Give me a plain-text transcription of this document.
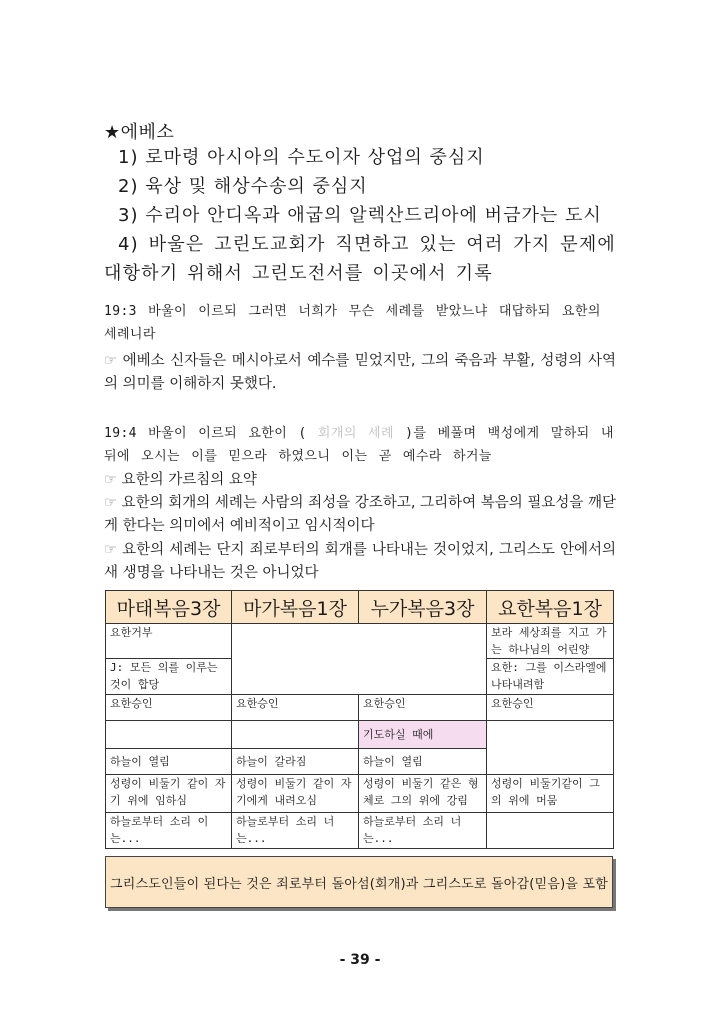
★에베소
1) 로마령 아시아의 수도이자 상업의 중심지
2) 육상 및 해상수송의 중심지
3) 수리아 안디옥과 애굽의 알렉산드리아에 버금가는 도시
4) 바울은 고린도교회가 직면하고 있는 여러 가지 문제에 대항하기 위해서 고린도전서를 이곳에서 기록
19:3 바울이 이르되 그러면 너희가 무슨 세례를 받았느냐 대답하되 요한의 세례니라
☞ 에베소 신자들은 메시아로서 예수를 믿었지만, 그의 죽음과 부활, 성령의 사역의 의미를 이해하지 못했다.
19:4 바울이 이르되 요한이 ( 회개의 세례 )를 베풀며 백성에게 말하되 내 뒤에 오시는 이를 믿으라 하였으니 이는 곧 예수라 하거늘
☞ 요한의 가르침의 요약
☞ 요한의 회개의 세례는 사람의 죄성을 강조하고, 그리하여 복음의 필요성을 깨닫게 한다는 의미에서 예비적이고 임시적이다
☞ 요한의 세례는 단지 죄로부터의 회개를 나타내는 것이었지, 그리스도 안에서의 새 생명을 나타내는 것은 아니었다
마태복음3장	마가복음1장	누가복음3장	요한복음1장
요한거부			보라 세상죄를 지고 가는 하나님의 어린양
J: 모든 의를 이루는 것이 합당			요한: 그를 이스라엘에 나타내려함
요한승인	요한승인	요한승인	요한승인
		기도하실 때에	
하늘이 열림	하늘이 갈라짐	하늘이 열림	
성령이 비둘기 같이 자기 위에 임하심	성령이 비둘기 같이 자기에게 내려오심	성령이 비둘기 같은 형체로 그의 위에 강림	성령이 비둘기같이 그의 위에 머뭄
하늘로부터 소리 이는...	하늘로부터 소리 너는...	하늘로부터 소리 너는...	
그리스도인들이 된다는 것은 죄로부터 돌아섬(회개)과 그리스도로 돌아감(믿음)을 포함
- 39 -
